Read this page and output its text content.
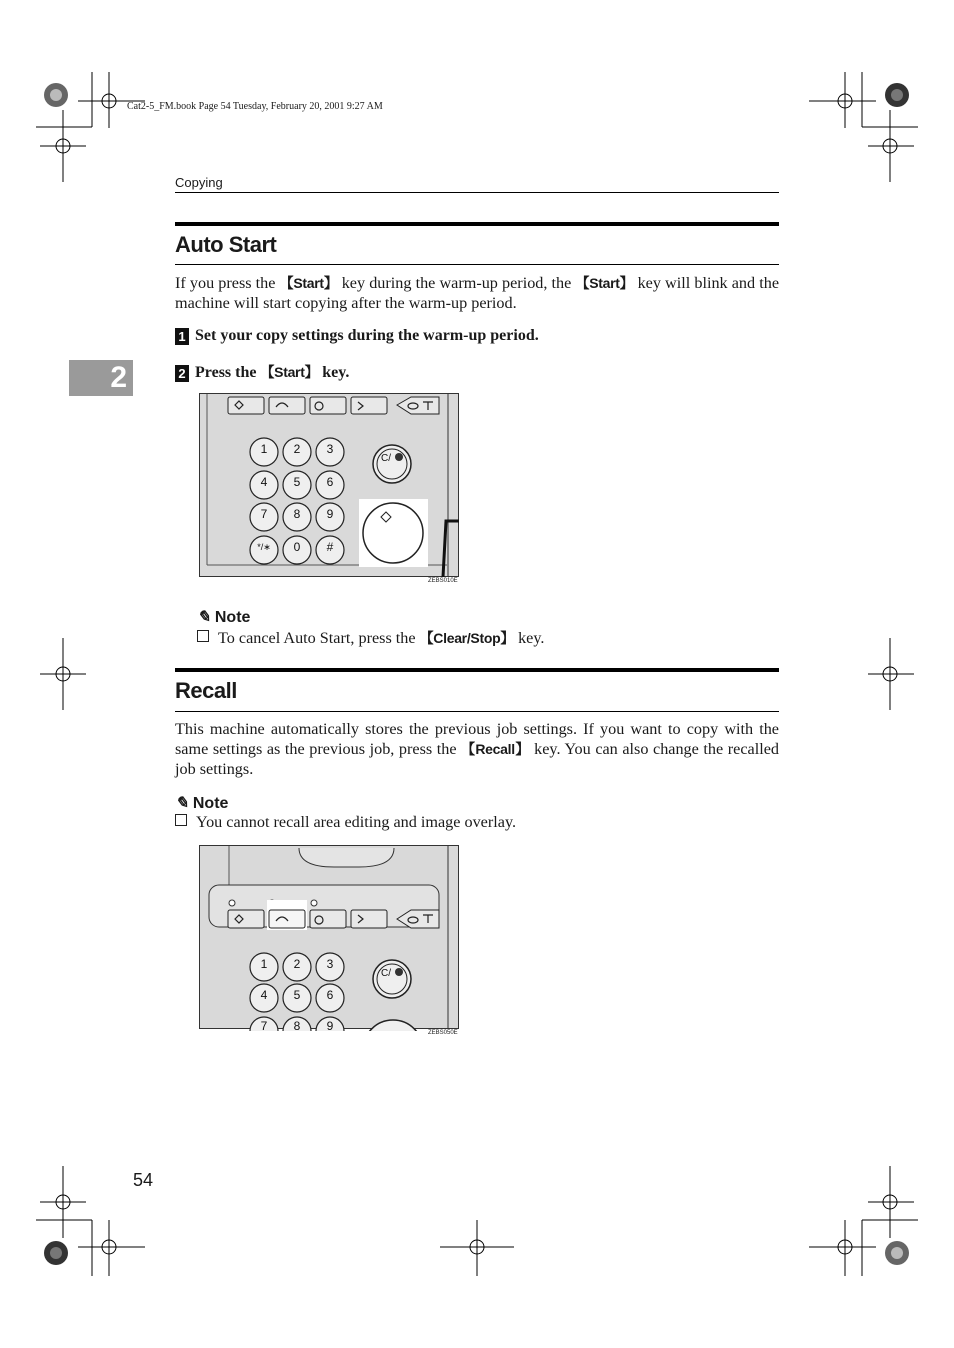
Cat2-5_FM.book Page 54 Tuesday, February 20, 2001 9:27 AM
Copying
2
Auto Start
If you press the 【Start】 key during the warm-up period, the 【Start】 key will blink and the machine will start copying after the warm-up period.
1 Set your copy settings during the warm-up period.
2 Press the 【Start】 key.
1 2 3
4 5 6
7 8 9
*/∗ 0 #
C/
ZEBS010E
✎ Note
To cancel Auto Start, press the 【Clear/Stop】 key.
Recall
This machine automatically stores the previous job settings. If you want to copy with the same settings as the previous job, press the 【Recall】 key. You can also change the recalled job settings.
✎ Note
You cannot recall area editing and image overlay.
1 2 3
4 5 6
7 8 9
C/
ZEBS050E
54
